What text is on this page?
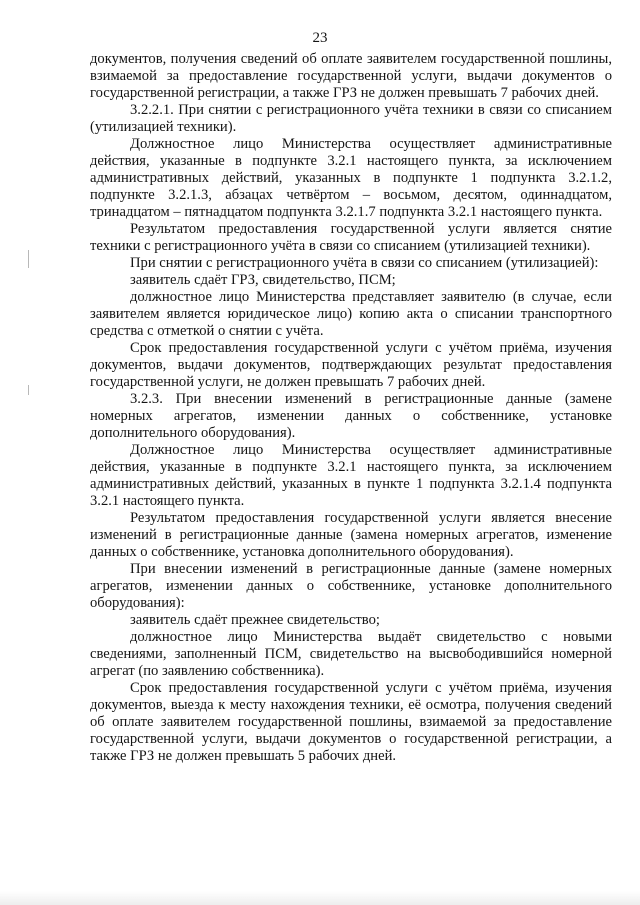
23

документов, получения сведений об оплате заявителем государственной пошлины, взимаемой за предоставление государственной услуги, выдачи документов о государственной регистрации, а также ГРЗ не должен превышать 7 рабочих дней.

3.2.2.1. При снятии с регистрационного учёта техники в связи со списанием (утилизацией техники).

Должностное лицо Министерства осуществляет административные действия, указанные в подпункте 3.2.1 настоящего пункта, за исключением административных действий, указанных в подпункте 1 подпункта 3.2.1.2, подпункте 3.2.1.3, абзацах четвёртом – восьмом, десятом, одиннадцатом, тринадцатом – пятнадцатом подпункта 3.2.1.7 подпункта 3.2.1 настоящего пункта.

Результатом предоставления государственной услуги является снятие техники с регистрационного учёта в связи со списанием (утилизацией техники).

При снятии с регистрационного учёта в связи со списанием (утилизацией):

заявитель сдаёт ГРЗ, свидетельство, ПСМ;

должностное лицо Министерства представляет заявителю (в случае, если заявителем является юридическое лицо) копию акта о списании транспортного средства с отметкой о снятии с учёта.

Срок предоставления государственной услуги с учётом приёма, изучения документов, выдачи документов, подтверждающих результат предоставления государственной услуги, не должен превышать 7 рабочих дней.

3.2.3. При внесении изменений в регистрационные данные (замене номерных агрегатов, изменении данных о собственнике, установке дополнительного оборудования).

Должностное лицо Министерства осуществляет административные действия, указанные в подпункте 3.2.1 настоящего пункта, за исключением административных действий, указанных в пункте 1 подпункта 3.2.1.4 подпункта 3.2.1 настоящего пункта.

Результатом предоставления государственной услуги является внесение изменений в регистрационные данные (замена номерных агрегатов, изменение данных о собственнике, установка дополнительного оборудования).

При внесении изменений в регистрационные данные (замене номерных агрегатов, изменении данных о собственнике, установке дополнительного оборудования):

заявитель сдаёт прежнее свидетельство;

должностное лицо Министерства выдаёт свидетельство с новыми сведениями, заполненный ПСМ, свидетельство на высвободившийся номерной агрегат (по заявлению собственника).

Срок предоставления государственной услуги с учётом приёма, изучения документов, выезда к месту нахождения техники, её осмотра, получения сведений об оплате заявителем государственной пошлины, взимаемой за предоставление государственной услуги, выдачи документов о государственной регистрации, а также ГРЗ не должен превышать 5 рабочих дней.
